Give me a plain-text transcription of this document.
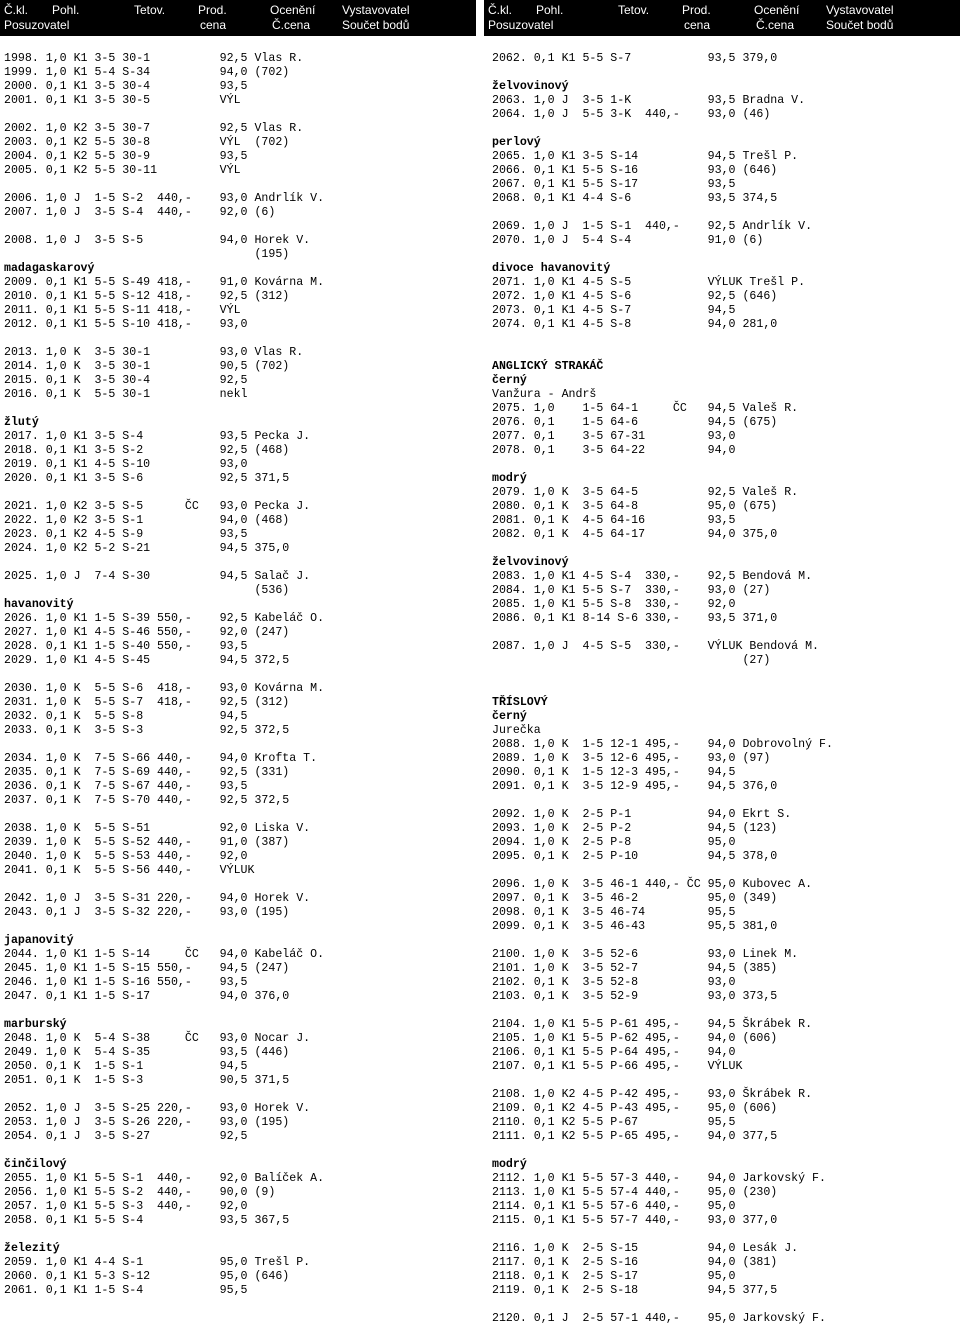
Č.kl. Pohl.	Tetov.	Prod.	Ocenění Vystavovatel
Posuzovatel	cena	Č.cena	Součet bodů
Č.kl. Pohl.	Tetov.	Prod.	Ocenění Vystavovatel
Posuzovatel	cena	Č.cena	Součet bodů
1998. 1,0 K1 3-5 30-1          92,5 Vlas R.
1999. 1,0 K1 5-4 S-34          94,0 (702)
2000. 0,1 K1 3-5 30-4          93,5
2001. 0,1 K1 3-5 30-5          VÝL
2002. 1,0 K2 3-5 30-7          92,5 Vlas R.
2003. 0,1 K2 5-5 30-8          VÝL  (702)
2004. 0,1 K2 5-5 30-9          93,5
2005. 0,1 K2 5-5 30-11         VÝL
2006. 1,0 J  1-5 S-2  440,-    93,0 Andrlík V.
2007. 1,0 J  3-5 S-4  440,-    92,0 (6)
2008. 1,0 J  3-5 S-5           94,0 Horek V.
(195)
madagaskarový
2009. 0,1 K1 5-5 S-49 418,-    91,0 Kovárna M.
2010. 0,1 K1 5-5 S-12 418,-    92,5 (312)
2011. 0,1 K1 5-5 S-11 418,-    VÝL
2012. 0,1 K1 5-5 S-10 418,-    93,0
2013. 1,0 K  3-5 30-1          93,0 Vlas R.
2014. 1,0 K  3-5 30-1          90,5 (702)
2015. 0,1 K  3-5 30-4          92,5
2016. 0,1 K  5-5 30-1          nekl
žlutý
2017. 1,0 K1 3-5 S-4           93,5 Pecka J.
2018. 0,1 K1 3-5 S-2           92,5 (468)
2019. 0,1 K1 4-5 S-10          93,0
2020. 0,1 K1 3-5 S-6           92,5 371,5
2021. 1,0 K2 3-5 S-5      ČC   93,0 Pecka J.
2022. 1,0 K2 3-5 S-1           94,0 (468)
2023. 0,1 K2 4-5 S-9           93,5
2024. 1,0 K2 5-2 S-21          94,5 375,0
2025. 1,0 J  7-4 S-30          94,5 Salač J.
(536)
havanovitý
2026. 1,0 K1 1-5 S-39 550,-    92,5 Kabeláč O.
2027. 1,0 K1 4-5 S-46 550,-    92,0 (247)
2028. 0,1 K1 1-5 S-40 550,-    93,5
2029. 1,0 K1 4-5 S-45          94,5 372,5
2030. 1,0 K  5-5 S-6  418,-    93,0 Kovárna M.
2031. 1,0 K  5-5 S-7  418,-    92,5 (312)
2032. 0,1 K  5-5 S-8           94,5
2033. 0,1 K  3-5 S-3           92,5 372,5
2034. 1,0 K  7-5 S-66 440,-    94,0 Krofta T.
2035. 0,1 K  7-5 S-69 440,-    92,5 (331)
2036. 0,1 K  7-5 S-67 440,-    93,5
2037. 0,1 K  7-5 S-70 440,-    92,5 372,5
2038. 1,0 K  5-5 S-51          92,0 Liska V.
2039. 1,0 K  5-5 S-52 440,-    91,0 (387)
2040. 1,0 K  5-5 S-53 440,-    92,0
2041. 0,1 K  5-5 S-56 440,-    VÝLUK
2042. 1,0 J  3-5 S-31 220,-    94,0 Horek V.
2043. 0,1 J  3-5 S-32 220,-    93,0 (195)
japanovitý
2044. 1,0 K1 1-5 S-14     ČC   94,0 Kabeláč O.
2045. 1,0 K1 1-5 S-15 550,-    94,5 (247)
2046. 1,0 K1 1-5 S-16 550,-    93,5
2047. 0,1 K1 1-5 S-17          94,0 376,0
marburský
2048. 1,0 K  5-4 S-38     ČC   93,0 Nocar J.
2049. 1,0 K  5-4 S-35          93,5 (446)
2050. 0,1 K  1-5 S-1           94,5
2051. 0,1 K  1-5 S-3           90,5 371,5
2052. 1,0 J  3-5 S-25 220,-    93,0 Horek V.
2053. 1,0 J  3-5 S-26 220,-    93,0 (195)
2054. 0,1 J  3-5 S-27          92,5
činčilový
2055. 1,0 K1 5-5 S-1  440,-    92,0 Balíček A.
2056. 1,0 K1 5-5 S-2  440,-    90,0 (9)
2057. 1,0 K1 5-5 S-3  440,-    92,0
2058. 0,1 K1 5-5 S-4           93,5 367,5
železitý
2059. 1,0 K1 4-4 S-1           95,0 Trešl P.
2060. 0,1 K1 5-3 S-12          95,0 (646)
2061. 0,1 K1 1-5 S-4           95,5
2062. 0,1 K1 5-5 S-7           93,5 379,0
želvovinový
2063. 1,0 J  3-5 1-K           93,5 Bradna V.
2064. 1,0 J  5-5 3-K  440,-    93,0 (46)
perlový
2065. 1,0 K1 3-5 S-14          94,5 Trešl P.
2066. 0,1 K1 5-5 S-16          93,0 (646)
2067. 0,1 K1 5-5 S-17          93,5
2068. 0,1 K1 4-4 S-6           93,5 374,5
2069. 1,0 J  1-5 S-1  440,-    92,5 Andrlík V.
2070. 1,0 J  5-4 S-4           91,0 (6)
divoce havanovitý
2071. 1,0 K1 4-5 S-5           VÝLUK Trešl P.
2072. 1,0 K1 4-5 S-6           92,5 (646)
2073. 0,1 K1 4-5 S-7           94,5
2074. 0,1 K1 4-5 S-8           94,0 281,0
ANGLICKÝ STRAKÁČ
černý
Vanžura - Andrš
2075. 1,0    1-5 64-1     ČC   94,5 Valeš R.
2076. 0,1    1-5 64-6          94,5 (675)
2077. 0,1    3-5 67-31         93,0
2078. 0,1    3-5 64-22         94,0
modrý
2079. 1,0 K  3-5 64-5          92,5 Valeš R.
2080. 0,1 K  3-5 64-8          95,0 (675)
2081. 0,1 K  4-5 64-16         93,5
2082. 0,1 K  4-5 64-17         94,0 375,0
želvovinový
2083. 1,0 K1 4-5 S-4  330,-    92,5 Bendová M.
2084. 1,0 K1 5-5 S-7  330,-    93,0 (27)
2085. 1,0 K1 5-5 S-8  330,-    92,0
2086. 0,1 K1 8-14 S-6 330,-    93,5 371,0
2087. 1,0 J  4-5 S-5  330,-    VÝLUK Bendová M.
(27)
TŘÍSLOVÝ
černý
Jurečka
2088. 1,0 K  1-5 12-1 495,-    94,0 Dobrovolný F.
2089. 1,0 K  3-5 12-6 495,-    93,0 (97)
2090. 0,1 K  1-5 12-3 495,-    94,5
2091. 0,1 K  3-5 12-9 495,-    94,5 376,0
2092. 1,0 K  2-5 P-1           94,0 Ekrt S.
2093. 1,0 K  2-5 P-2           94,5 (123)
2094. 1,0 K  2-5 P-8           95,0
2095. 0,1 K  2-5 P-10          94,5 378,0
2096. 1,0 K  3-5 46-1 440,- ČC 95,0 Kubovec A.
2097. 0,1 K  3-5 46-2          95,0 (349)
2098. 0,1 K  3-5 46-74         95,5
2099. 0,1 K  3-5 46-43         95,5 381,0
2100. 1,0 K  3-5 52-6          93,0 Linek M.
2101. 1,0 K  3-5 52-7          94,5 (385)
2102. 0,1 K  3-5 52-8          93,0
2103. 0,1 K  3-5 52-9          93,0 373,5
2104. 1,0 K1 5-5 P-61 495,-    94,5 Škrábek R.
2105. 1,0 K1 5-5 P-62 495,-    94,0 (606)
2106. 0,1 K1 5-5 P-64 495,-    94,0
2107. 0,1 K1 5-5 P-66 495,-    VÝLUK
2108. 1,0 K2 4-5 P-42 495,-    93,0 Škrábek R.
2109. 0,1 K2 4-5 P-43 495,-    95,0 (606)
2110. 0,1 K2 5-5 P-67          95,5
2111. 0,1 K2 5-5 P-65 495,-    94,0 377,5
modrý
2112. 1,0 K1 5-5 57-3 440,-    94,0 Jarkovský F.
2113. 1,0 K1 5-5 57-4 440,-    95,0 (230)
2114. 0,1 K1 5-5 57-6 440,-    95,0
2115. 0,1 K1 5-5 57-7 440,-    93,0 377,0
2116. 1,0 K  2-5 S-15          94,0 Lesák J.
2117. 0,1 K  2-5 S-16          94,0 (381)
2118. 0,1 K  2-5 S-17          95,0
2119. 0,1 K  2-5 S-18          94,5 377,5
2120. 0,1 J  2-5 57-1 440,-    95,0 Jarkovský F.
